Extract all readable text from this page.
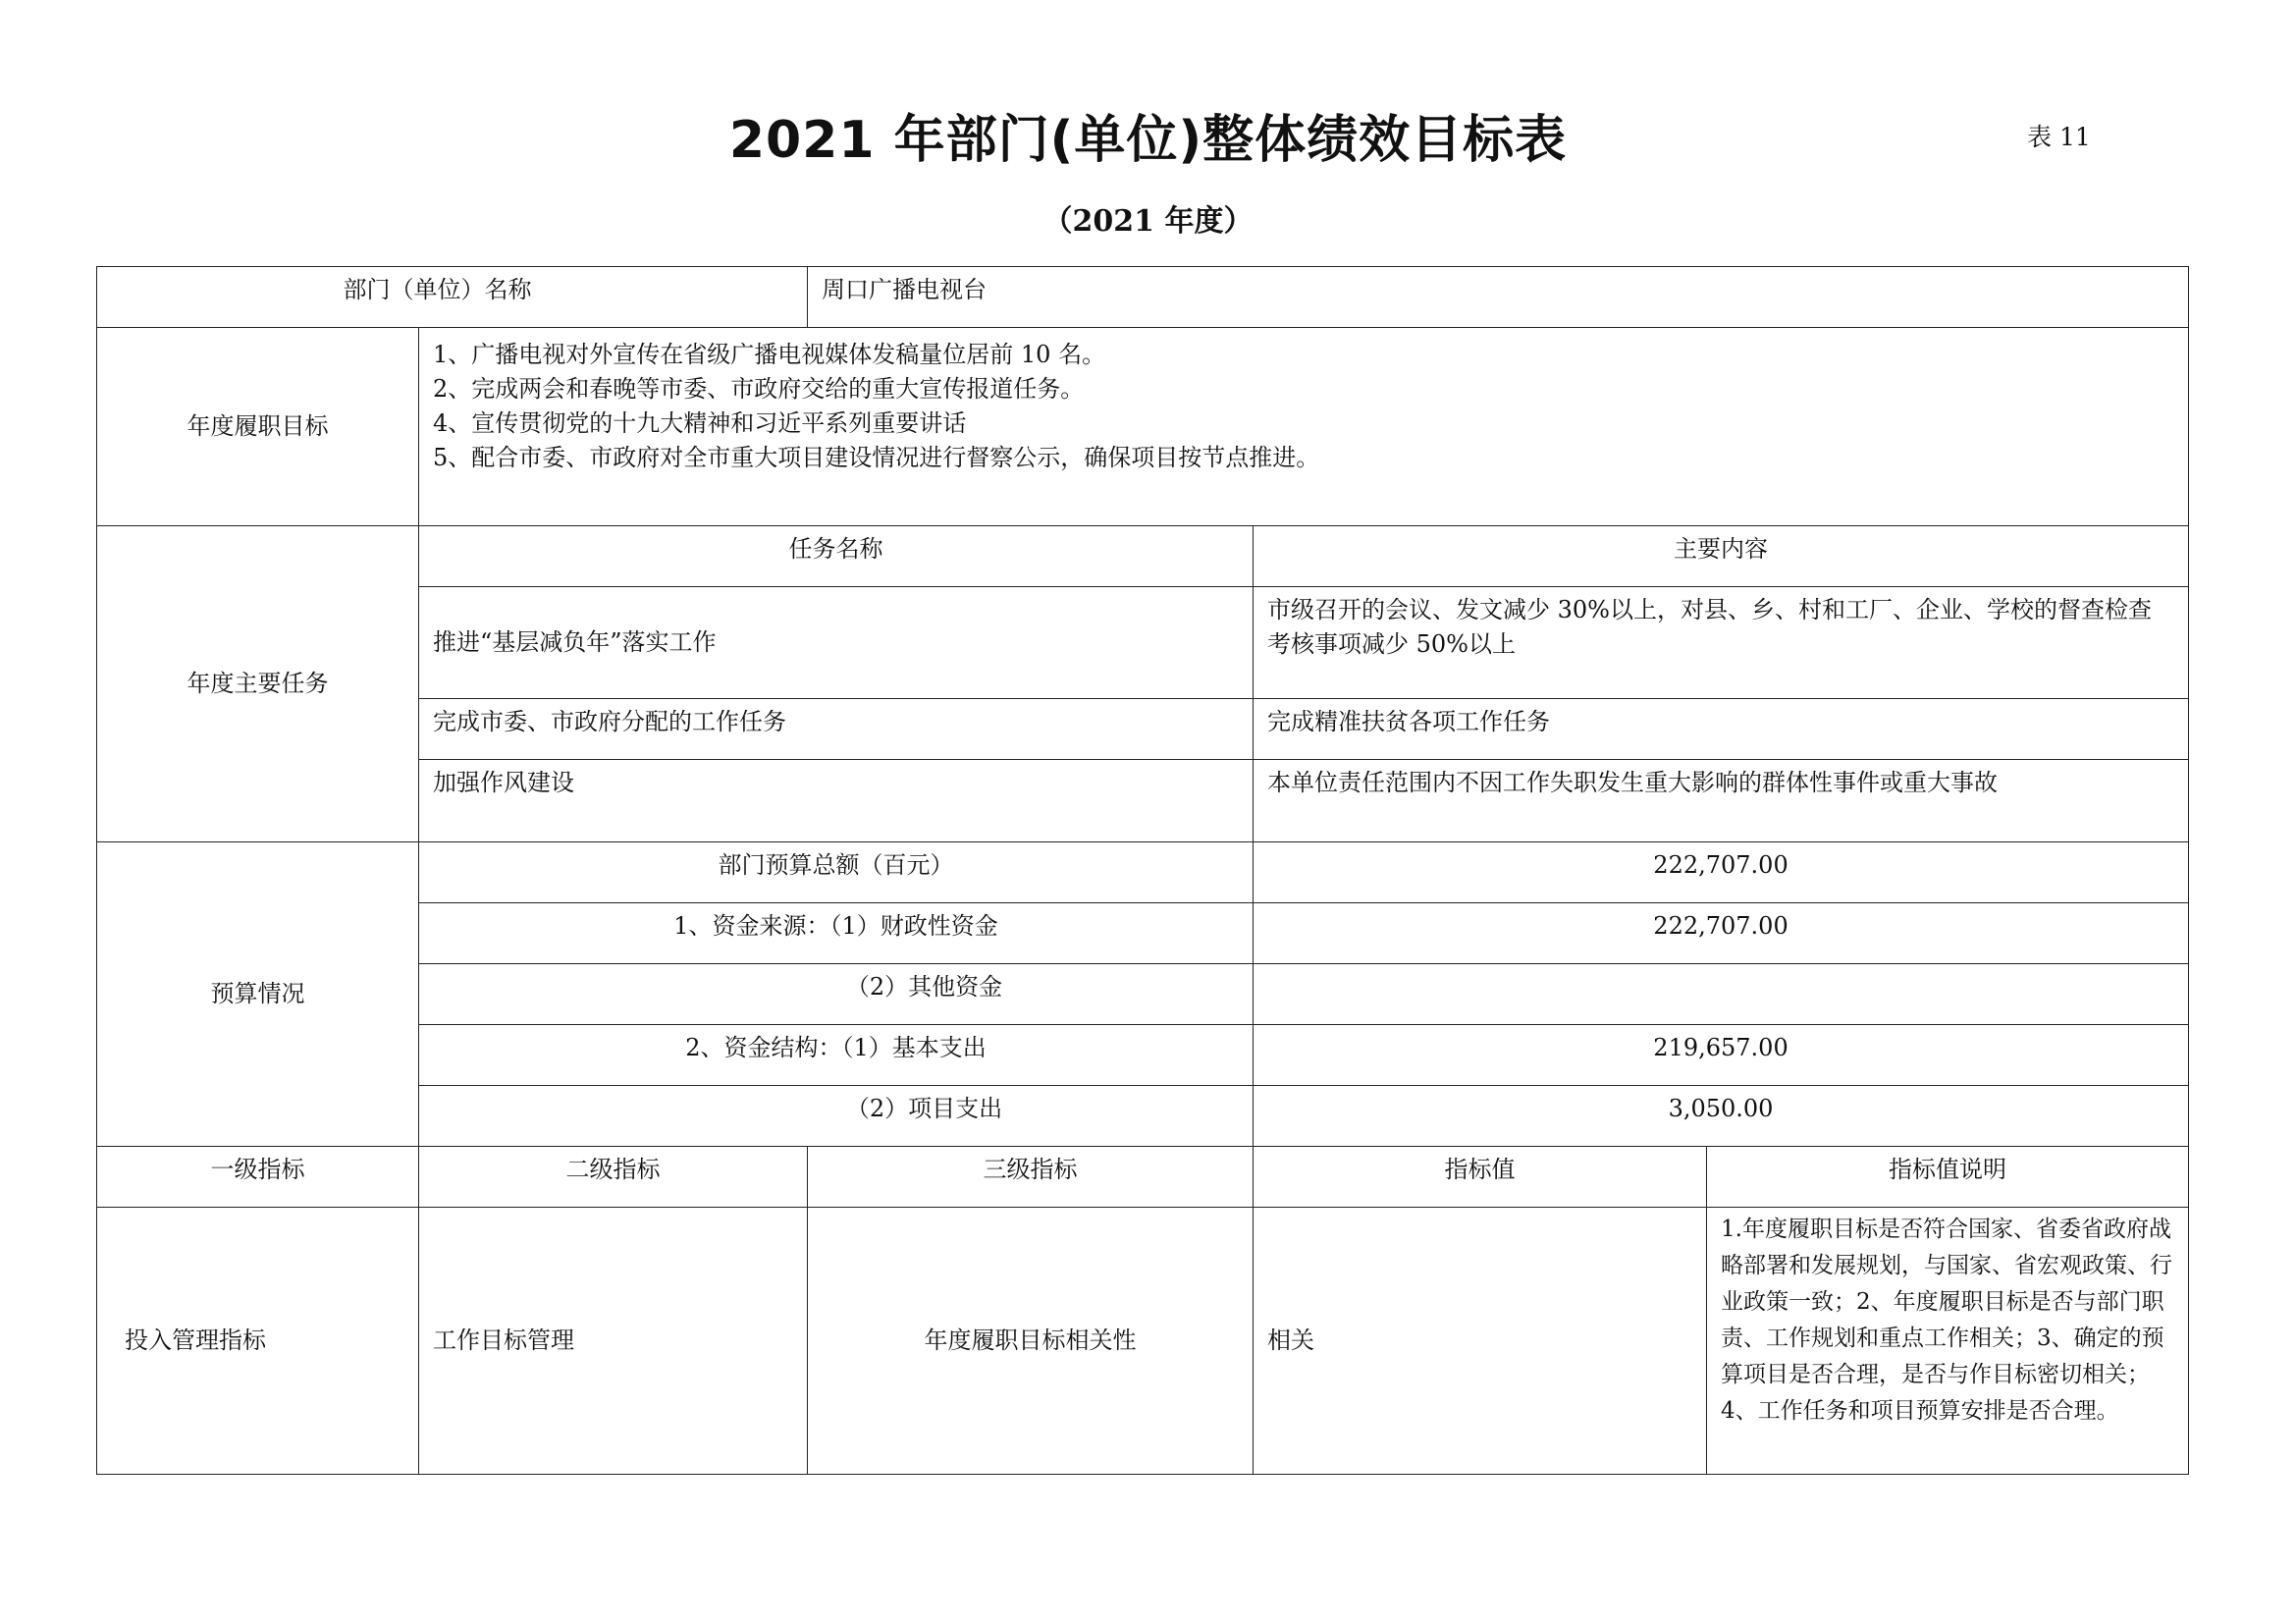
2021 年部门(单位)整体绩效目标表	表 11
（2021 年度）
部门（单位）名称		周口广播电视台		
年度履职目标	1、广播电视对外宣传在省级广播电视媒体发稿量位居前 10 名。
2、完成两会和春晚等市委、市政府交给的重大宣传报道任务。
4、宣传贯彻党的十九大精神和习近平系列重要讲话
5、配合市委、市政府对全市重大项目建设情况进行督察公示，确保项目按节点推进。			

年度主要任务	任务名称		主要内容	
	推进“基层减负年”落实工作		市级召开的会议、发文减少 30%以上，对县、乡、村和工厂、企业、学校的督查检查考核事项减少 50%以上	
	完成市委、市政府分配的工作任务		完成精准扶贫各项工作任务	
	加强作风建设		本单位责任范围内不因工作失职发生重大影响的群体性事件或重大事故	
预算情况	部门预算总额（百元）		222,707.00	
	1、资金来源：（1）财政性资金		222,707.00	
	（2）其他资金			
	2、资金结构：（1）基本支出		219,657.00	
	（2）项目支出		3,050.00	
一级指标	二级指标	三级指标	指标值	指标值说明
投入管理指标	工作目标管理	年度履职目标相关性	相关	1.年度履职目标是否符合国家、省委省政府战略部署和发展规划，与国家、省宏观政策、行业政策一致；2、年度履职目标是否与部门职责、工作规划和重点工作相关；3、确定的预算项目是否合理，是否与作目标密切相关；4、工作任务和项目预算安排是否合理。
